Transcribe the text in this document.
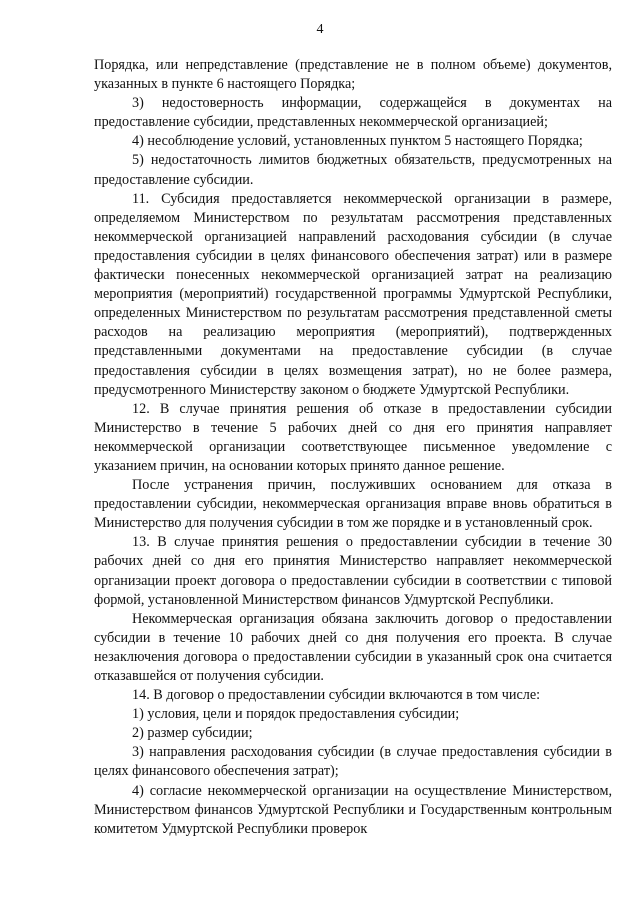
4

Порядка, или непредставление (представление не в полном объеме) документов, указанных в пункте 6 настоящего Порядка;

3) недостоверность информации, содержащейся в документах на предоставление субсидии, представленных некоммерческой организацией;

4) несоблюдение условий, установленных пунктом 5 настоящего Порядка;

5) недостаточность лимитов бюджетных обязательств, предусмотренных на предоставление субсидии.

11. Субсидия предоставляется некоммерческой организации в размере, определяемом Министерством по результатам рассмотрения представленных некоммерческой организацией направлений расходования субсидии (в случае предоставления субсидии в целях финансового обеспечения затрат) или в размере фактически понесенных некоммерческой организацией затрат на реализацию мероприятия (мероприятий) государственной программы Удмуртской Республики, определенных Министерством по результатам рассмотрения представленной сметы расходов на реализацию мероприятия (мероприятий), подтвержденных представленными документами на предоставление субсидии (в случае предоставления субсидии в целях возмещения затрат), но не более размера, предусмотренного Министерству законом о бюджете Удмуртской Республики.

12. В случае принятия решения об отказе в предоставлении субсидии Министерство в течение 5 рабочих дней со дня его принятия направляет некоммерческой организации соответствующее письменное уведомление с указанием причин, на основании которых принято данное решение.

После устранения причин, послуживших основанием для отказа в предоставлении субсидии, некоммерческая организация вправе вновь обратиться в Министерство для получения субсидии в том же порядке и в установленный срок.

13. В случае принятия решения о предоставлении субсидии в течение 30 рабочих дней со дня его принятия Министерство направляет некоммерческой организации проект договора о предоставлении субсидии в соответствии с типовой формой, установленной Министерством финансов Удмуртской Республики.

Некоммерческая организация обязана заключить договор о предоставлении субсидии в течение 10 рабочих дней со дня получения его проекта. В случае незаключения договора о предоставлении субсидии в указанный срок она считается отказавшейся от получения субсидии.

14. В договор о предоставлении субсидии включаются в том числе:

1) условия, цели и порядок предоставления субсидии;

2) размер субсидии;

3) направления расходования субсидии (в случае предоставления субсидии в целях финансового обеспечения затрат);

4) согласие некоммерческой организации на осуществление Министерством, Министерством финансов Удмуртской Республики и Государственным контрольным комитетом Удмуртской Республики проверок
